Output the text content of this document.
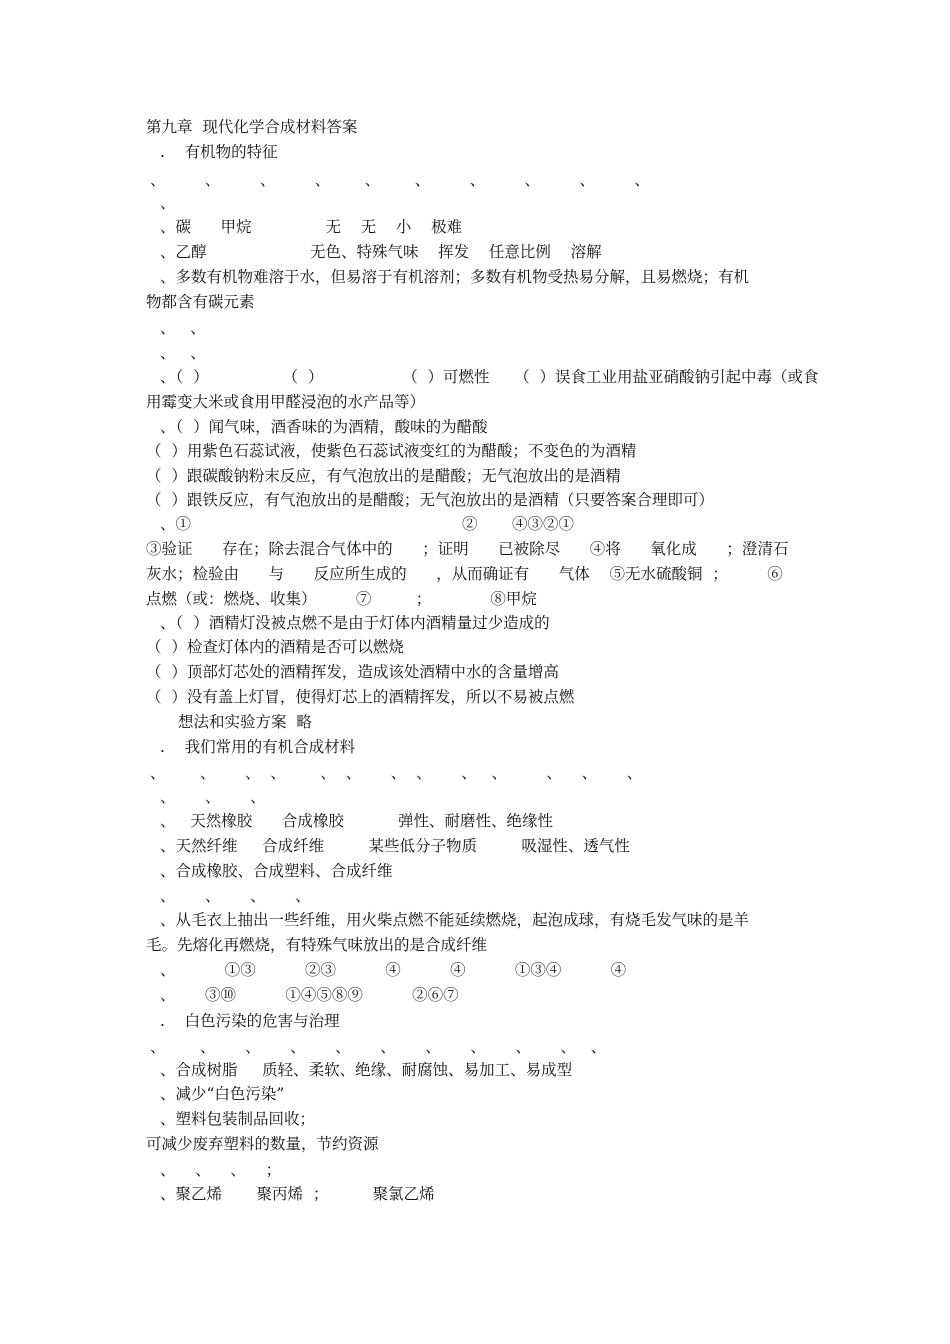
第九章  现代化学合成材料答案
.    有机物的特征
、        、        、        、       、       、        、        、        、        、
、
、碳      甲烷               无    无    小    极难
、乙醇                     无色、特殊气味    挥发    任意比例    溶解
、多数有机物难溶于水，但易溶于有机溶剂；多数有机物受热易分解，且易燃烧；有机
物都含有碳元素
、   、
、   、
、（  ）               （  ）                （  ）可燃性     （  ）误食工业用盐亚硝酸钠引起中毒（或食
用霉变大米或食用甲醛浸泡的水产品等）
、（  ）闻气味，酒香味的为酒精，酸味的为醋酸
（  ）用紫色石蕊试液，使紫色石蕊试液变红的为醋酸；不变色的为酒精
（  ）跟碳酸钠粉末反应，有气泡放出的是醋酸；无气泡放出的是酒精
（  ）跟铁反应，有气泡放出的是醋酸；无气泡放出的是酒精（只要答案合理即可）
、①                                                       ②       ④③②①
③验证      存在；除去混合气体中的      ；证明      已被除尽      ④将      氧化成      ；澄清石
灰水；检验由      与      反应所生成的      ，从而确证有      气体    ⑤无水硫酸铜  ；        ⑥
点燃（或：燃烧、收集）        ⑦         ；            ⑧甲烷
、（  ）酒精灯没被点燃不是由于灯体内酒精量过少造成的
（  ）检查灯体内的酒精是否可以燃烧
（  ）顶部灯芯处的酒精挥发，造成该处酒精中水的含量增高
（  ）没有盖上灯冒，使得灯芯上的酒精挥发，所以不易被点燃
想法和实验方案  略
.    我们常用的有机合成材料
、       、      、  、       、  、      、  、      、   、        、    、      、
、      、      、
、   天然橡胶      合成橡胶           弹性、耐磨性、绝缘性
、天然纤维     合成纤维         某些低分子物质         吸湿性、透气性
、合成橡胶、合成塑料、合成纤维
、      、      、      、
、从毛衣上抽出一些纤维，用火柴点燃不能延续燃烧，起泡成球，有烧毛发气味的是羊
毛。先熔化再燃烧，有特殊气味放出的是合成纤维
、          ①③          ②③          ④          ④          ①③④          ④
、      ③⑩          ①④⑤⑧⑨          ②⑥⑦
.    白色污染的危害与治理
、       、      、      、      、      、      、      、      、      、   、
、合成树脂     质轻、柔软、绝缘、耐腐蚀、易加工、易成型
、减少“白色污染”
、塑料包装制品回收；
可减少废弃塑料的数量，节约资源
、    、    、    ；
、聚乙烯       聚丙烯  ；         聚氯乙烯
